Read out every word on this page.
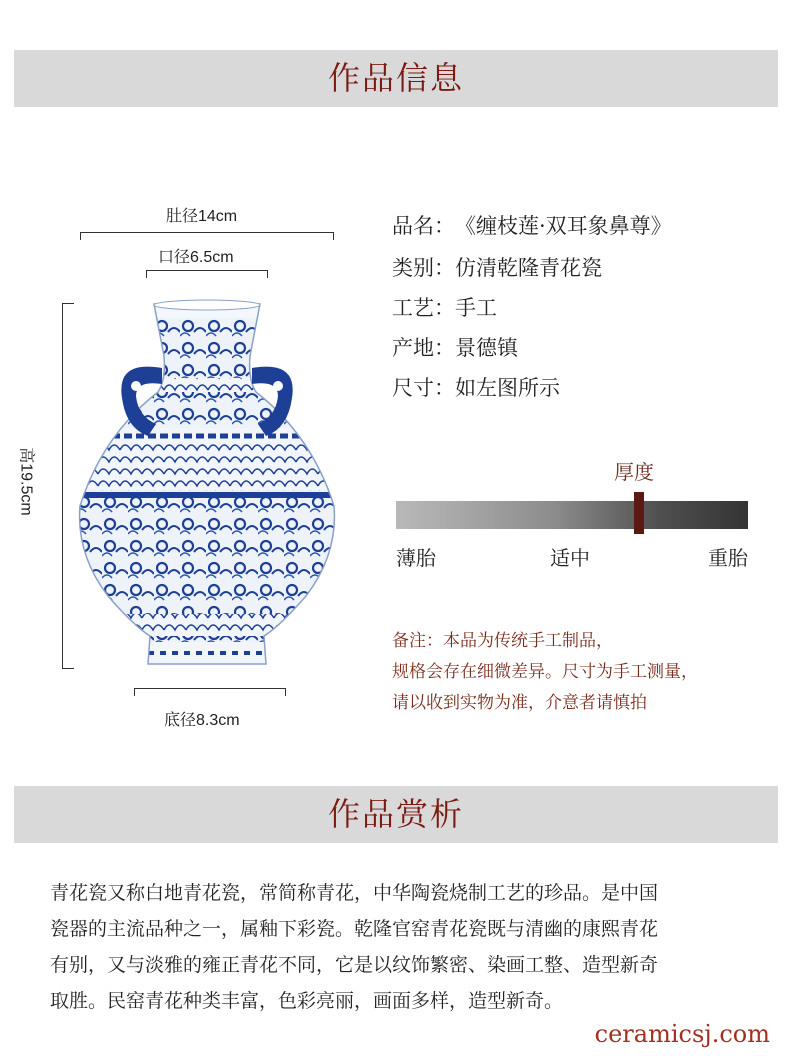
作品信息
肚径14cm
口径6.5cm
高19.5cm
底径8.3cm
品名：《缠枝莲·双耳象鼻尊》
类别：仿清乾隆青花瓷
工艺：手工
产地：景德镇
尺寸：如左图所示
厚度
薄胎	适中	重胎
备注：本品为传统手工制品，
规格会存在细微差异。尺寸为手工测量，
请以收到实物为准，介意者请慎拍
作品赏析
青花瓷又称白地青花瓷，常简称青花，中华陶瓷烧制工艺的珍品。是中国
瓷器的主流品种之一，属釉下彩瓷。乾隆官窑青花瓷既与清幽的康熙青花
有别，又与淡雅的雍正青花不同，它是以纹饰繁密、染画工整、造型新奇
取胜。民窑青花种类丰富，色彩亮丽，画面多样，造型新奇。
ceramicsj.com
